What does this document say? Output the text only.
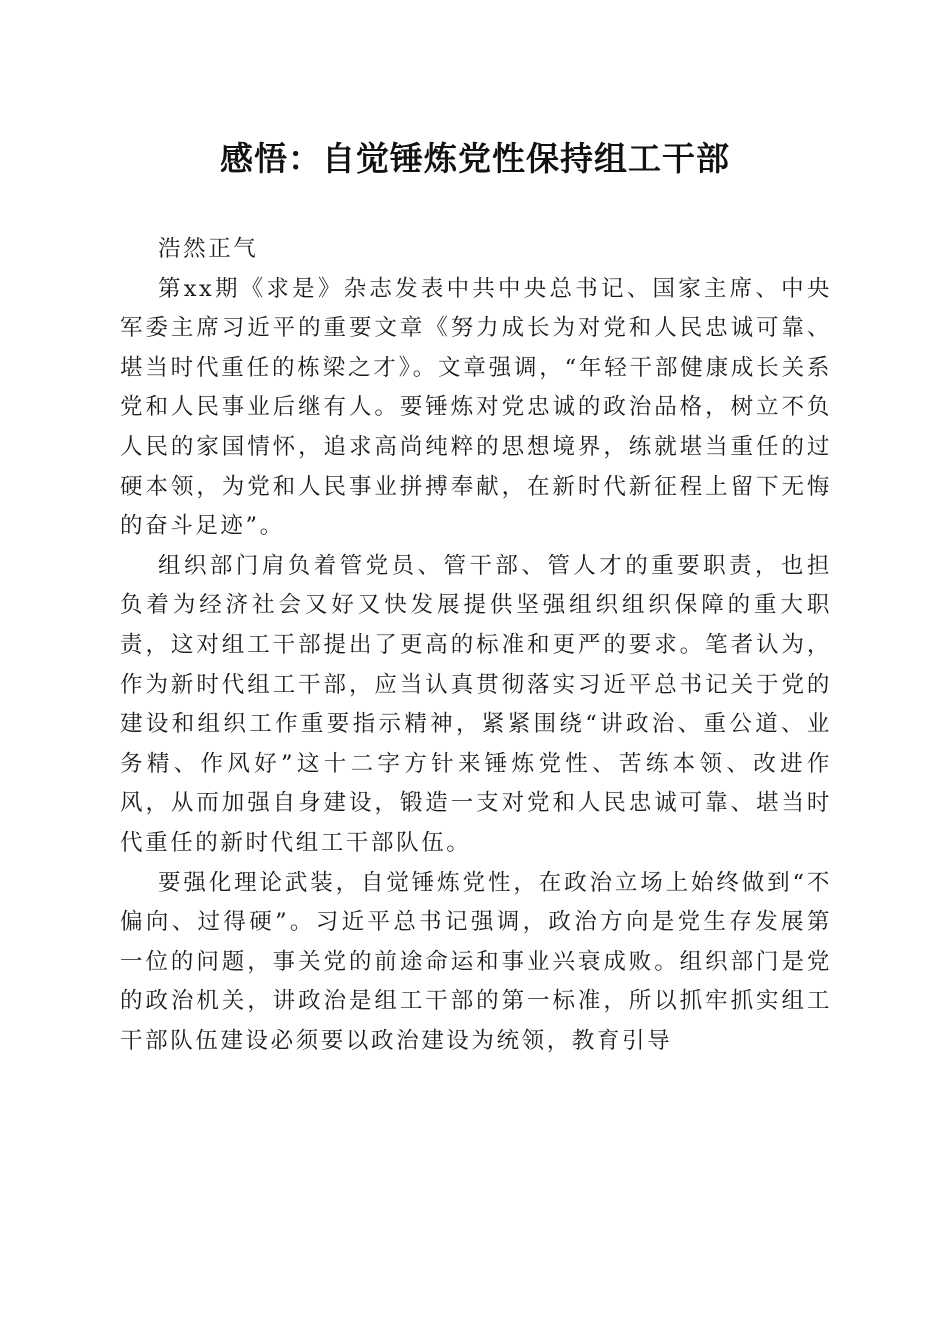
感悟：自觉锤炼党性保持组工干部

浩然正气

第xx期《求是》杂志发表中共中央总书记、国家主席、中央军委主席习近平的重要文章《努力成长为对党和人民忠诚可靠、堪当时代重任的栋梁之才》。文章强调，“年轻干部健康成长关系党和人民事业后继有人。要锤炼对党忠诚的政治品格，树立不负人民的家国情怀，追求高尚纯粹的思想境界，练就堪当重任的过硬本领，为党和人民事业拼搏奉献，在新时代新征程上留下无悔的奋斗足迹”。

组织部门肩负着管党员、管干部、管人才的重要职责，也担负着为经济社会又好又快发展提供坚强组织组织保障的重大职责，这对组工干部提出了更高的标准和更严的要求。笔者认为，作为新时代组工干部，应当认真贯彻落实习近平总书记关于党的建设和组织工作重要指示精神，紧紧围绕“讲政治、重公道、业务精、作风好”这十二字方针来锤炼党性、苦练本领、改进作风，从而加强自身建设，锻造一支对党和人民忠诚可靠、堪当时代重任的新时代组工干部队伍。

要强化理论武装，自觉锤炼党性，在政治立场上始终做到“不偏向、过得硬”。习近平总书记强调，政治方向是党生存发展第一位的问题，事关党的前途命运和事业兴衰成败。组织部门是党的政治机关，讲政治是组工干部的第一标准，所以抓牢抓实组工干部队伍建设必须要以政治建设为统领，教育引导
